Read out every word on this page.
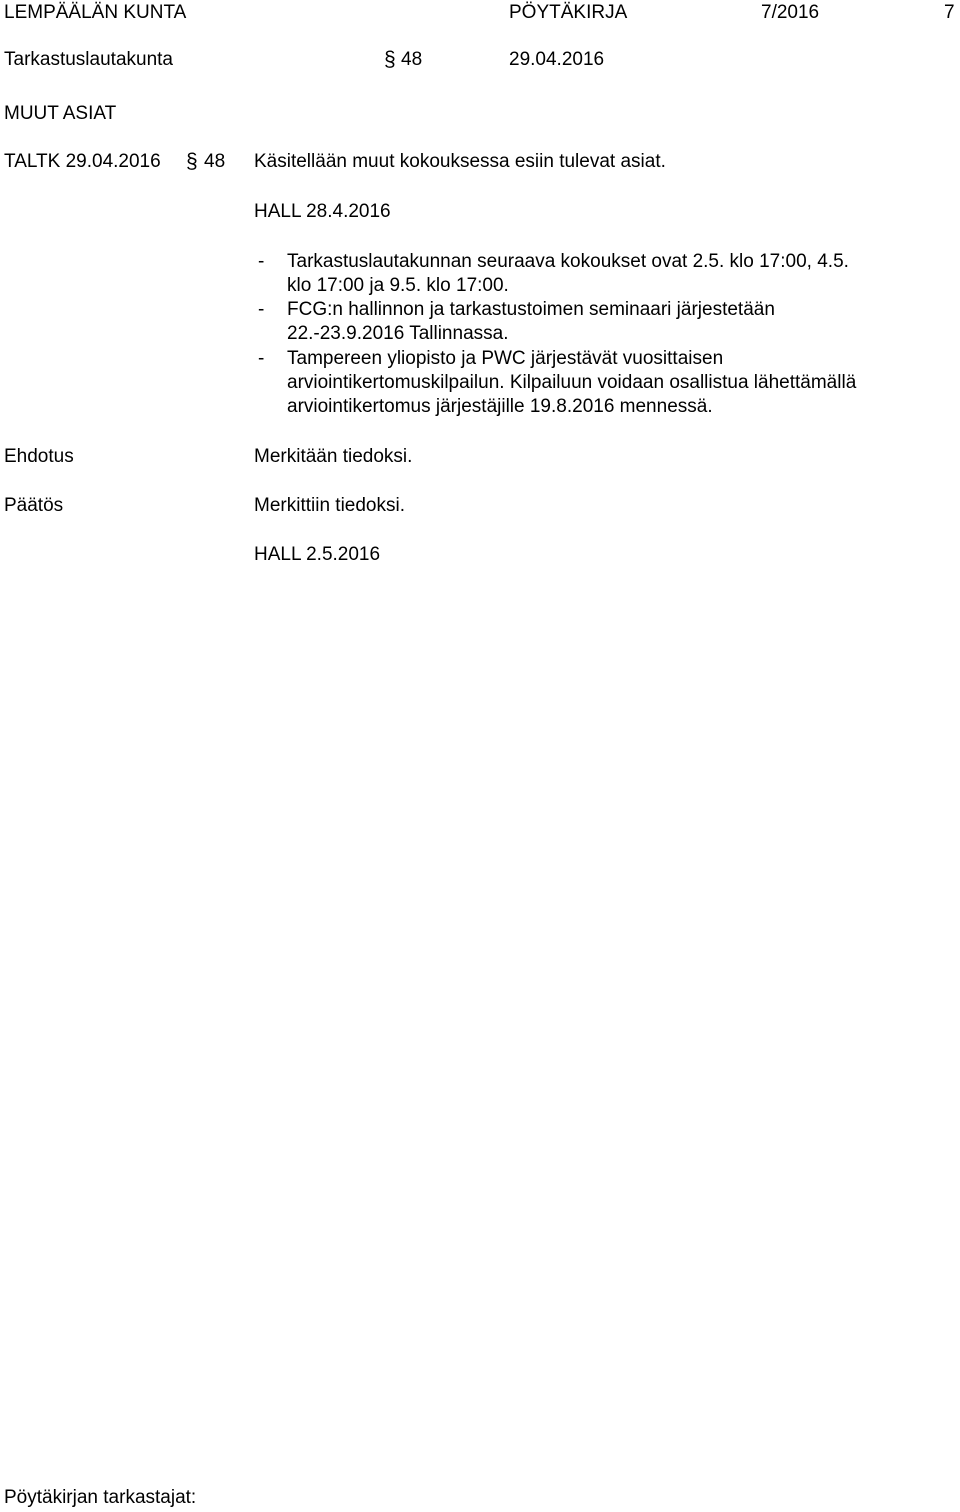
LEMPÄÄLÄN KUNTA	PÖYTÄKIRJA	7/2016	7
Tarkastuslautakunta	§ 48	29.04.2016
MUUT ASIAT
TALTK 29.04.2016 § 48 Käsitellään muut kokouksessa esiin tulevat asiat.
HALL 28.4.2016
- Tarkastuslautakunnan seuraava kokoukset ovat 2.5. klo 17:00, 4.5.
klo 17:00 ja 9.5. klo 17:00.
- FCG:n hallinnon ja tarkastustoimen seminaari järjestetään
22.-23.9.2016 Tallinnassa.
- Tampereen yliopisto ja PWC järjestävät vuosittaisen
arviointikertomuskilpailun. Kilpailuun voidaan osallistua lähettämällä
arviointikertomus järjestäjille 19.8.2016 mennessä.
Ehdotus	Merkitään tiedoksi.
Päätös	Merkittiin tiedoksi.
HALL 2.5.2016
Pöytäkirjan tarkastajat:
